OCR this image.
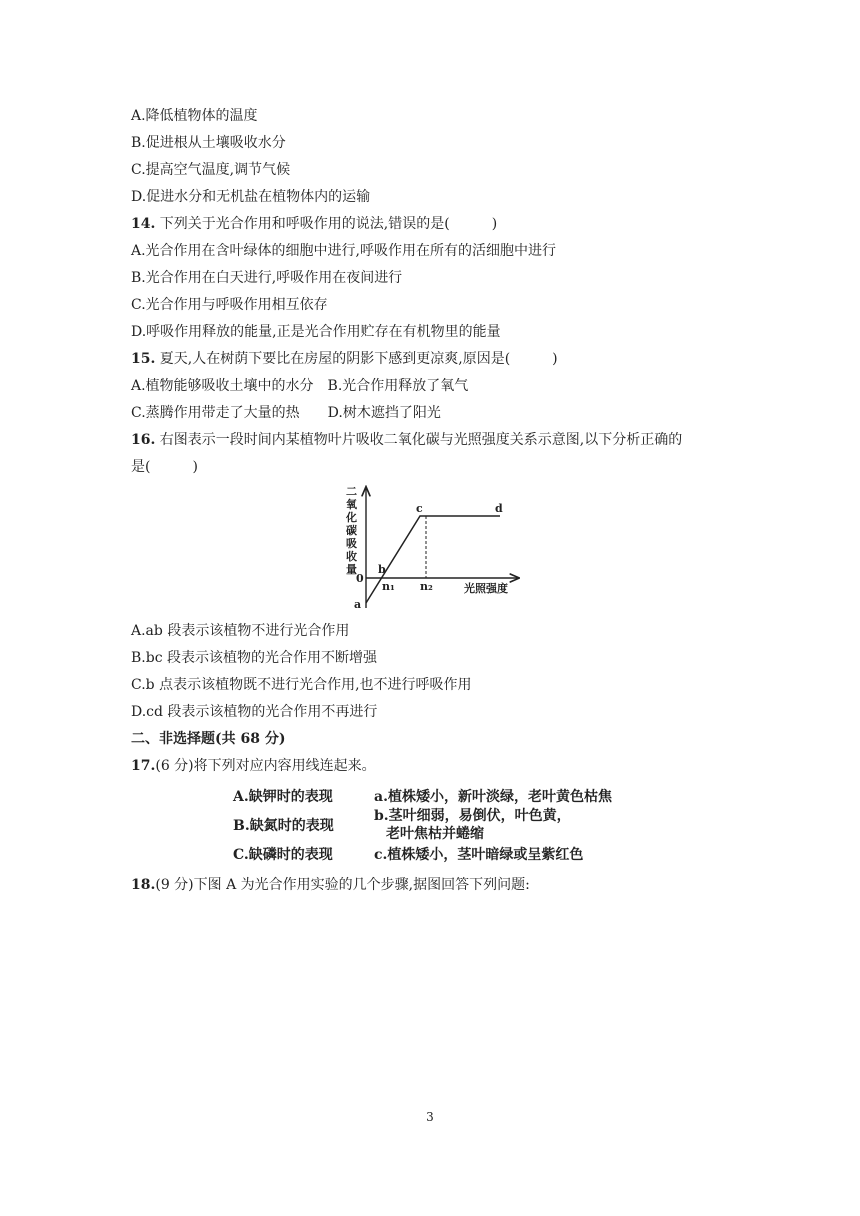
A.降低植物体的温度
B.促进根从土壤吸收水分
C.提高空气温度,调节气候
D.促进水分和无机盐在植物体内的运输
14. 下列关于光合作用和呼吸作用的说法,错误的是(　　　)
A.光合作用在含叶绿体的细胞中进行,呼吸作用在所有的活细胞中进行
B.光合作用在白天进行,呼吸作用在夜间进行
C.光合作用与呼吸作用相互依存
D.呼吸作用释放的能量,正是光合作用贮存在有机物里的能量
15. 夏天,人在树荫下要比在房屋的阴影下感到更凉爽,原因是(　　　)
A.植物能够吸收土壤中的水分　B.光合作用释放了氧气
C.蒸腾作用带走了大量的热　　D.树木遮挡了阳光
16. 右图表示一段时间内某植物叶片吸收二氧化碳与光照强度关系示意图,以下分析正确的
是(　　　)
二
氧
化
碳
吸
收
量
0
a
b
c	d
n₁ n₂	光照强度
A.ab 段表示该植物不进行光合作用
B.bc 段表示该植物的光合作用不断增强
C.b 点表示该植物既不进行光合作用,也不进行呼吸作用
D.cd 段表示该植物的光合作用不再进行
二、非选择题(共 68 分)
17.(6 分)将下列对应内容用线连起来。
A.缺钾时的表现
B.缺氮时的表现
C.缺磷时的表现
a.植株矮小，新叶淡绿，老叶黄色枯焦
b.茎叶细弱，易倒伏，叶色黄，
老叶焦枯并蜷缩
c.植株矮小，茎叶暗绿或呈紫红色
18.(9 分)下图 A 为光合作用实验的几个步骤,据图回答下列问题:
3
